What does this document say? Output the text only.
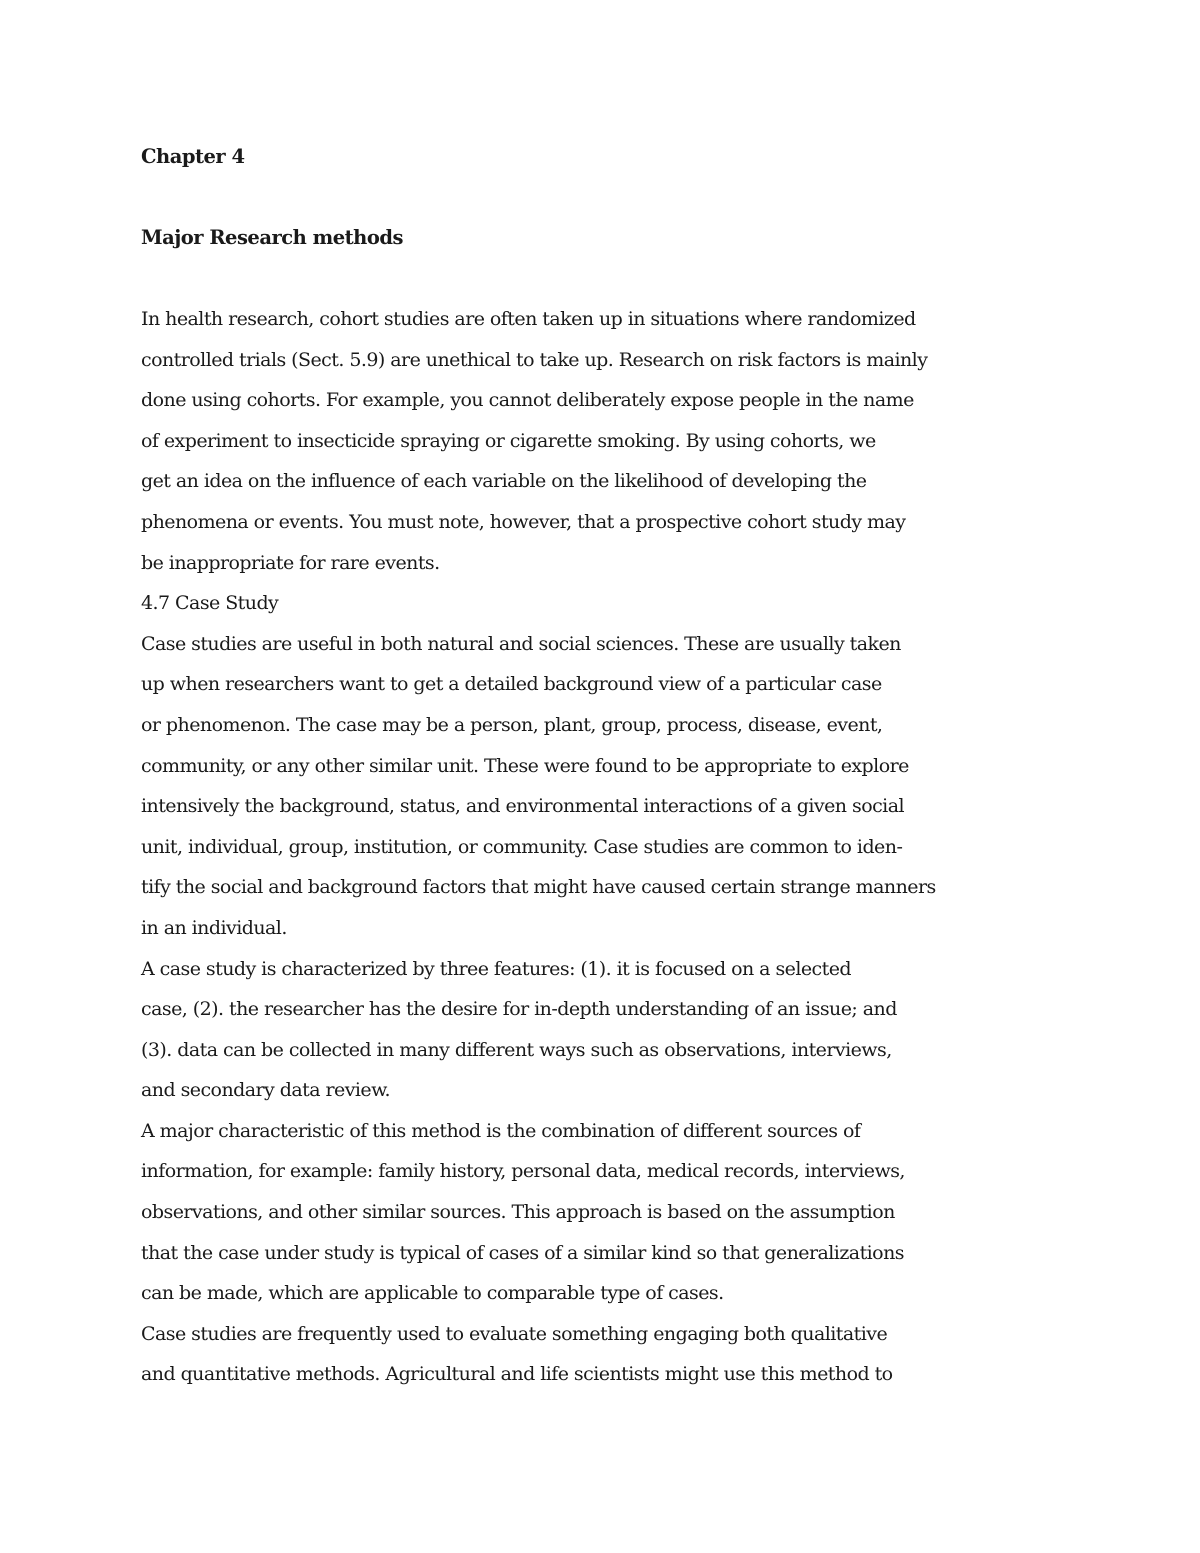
Chapter 4
Major Research methods
In health research, cohort studies are often taken up in situations where randomized
controlled trials (Sect. 5.9) are unethical to take up. Research on risk factors is mainly
done using cohorts. For example, you cannot deliberately expose people in the name
of experiment to insecticide spraying or cigarette smoking. By using cohorts, we
get an idea on the influence of each variable on the likelihood of developing the
phenomena or events. You must note, however, that a prospective cohort study may
be inappropriate for rare events.
4.7 Case Study
Case studies are useful in both natural and social sciences. These are usually taken
up when researchers want to get a detailed background view of a particular case
or phenomenon. The case may be a person, plant, group, process, disease, event,
community, or any other similar unit. These were found to be appropriate to explore
intensively the background, status, and environmental interactions of a given social
unit, individual, group, institution, or community. Case studies are common to iden-
tify the social and background factors that might have caused certain strange manners
in an individual.
A case study is characterized by three features: (1). it is focused on a selected
case, (2). the researcher has the desire for in-depth understanding of an issue; and
(3). data can be collected in many different ways such as observations, interviews,
and secondary data review.
A major characteristic of this method is the combination of different sources of
information, for example: family history, personal data, medical records, interviews,
observations, and other similar sources. This approach is based on the assumption
that the case under study is typical of cases of a similar kind so that generalizations
can be made, which are applicable to comparable type of cases.
Case studies are frequently used to evaluate something engaging both qualitative
and quantitative methods. Agricultural and life scientists might use this method to
